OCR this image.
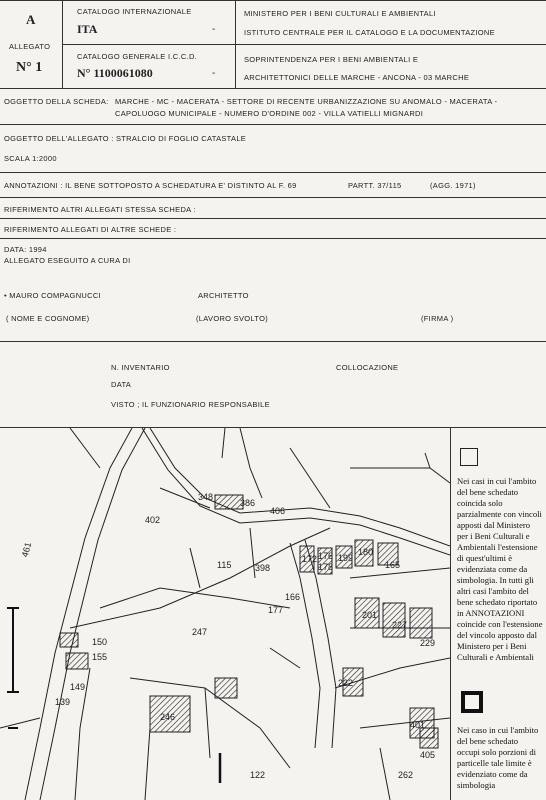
A
ALLEGATO
N° 1
CATALOGO INTERNAZIONALE
ITA	-
CATALOGO GENERALE I.C.C.D.
N° 1100061080	-
MINISTERO PER I BENI CULTURALI E AMBIENTALI
ISTITUTO CENTRALE PER IL CATALOGO E LA DOCUMENTAZIONE
SOPRINTENDENZA PER I BENI AMBIENTALI E
ARCHITETTONICI DELLE MARCHE - ANCONA - 03 MARCHE
OGGETTO DELLA SCHEDA: MARCHE - MC - MACERATA - SETTORE DI RECENTE URBANIZZAZIONE SU ANOMALO - MACERATA -
CAPOLUOGO MUNICIPALE - NUMERO D'ORDINE 002 - VILLA VATIELLI MIGNARDI
OGGETTO DELL'ALLEGATO : STRALCIO DI FOGLIO CATASTALE
SCALA 1:2000
ANNOTAZIONI : IL BENE SOTTOPOSTO A SCHEDATURA E' DISTINTO AL F. 69	PARTT. 37/115	(AGG. 1971)
RIFERIMENTO ALTRI ALLEGATI STESSA SCHEDA :
RIFERIMENTO ALLEGATI DI ALTRE SCHEDE :
DATA: 1994
ALLEGATO ESEGUITO A CURA DI
• MAURO COMPAGNUCCI	ARCHITETTO
( NOME E COGNOME)	(LAVORO SVOLTO)	(FIRMA )
N. INVENTARIO	COLLOCAZIONE
DATA
VISTO ; IL FUNZIONARIO RESPONSABILE
402
348
386
406
115	398
177
166
247
139
150
122	262
165
222
149
155
401
405
229
227
201
199
180
172 176
178
461
246
Nei casi in cui l'ambito del bene schedato coincida solo parzialmente con vincoli apposti dal Ministero per i Beni Culturali e Ambientali l'estensione di quest'ultimi è evidenziata come da simbologia. In tutti gli altri casi l'ambito del bene schedato riportato in ANNOTAZIONI coincide con l'estensione del vincolo apposto dal Ministero per i Beni Culturali e Ambientali
Nei caso in cui l'ambito del bene schedato occupi solo porzioni di particelle tale limite è evidenziato come da simbologia
